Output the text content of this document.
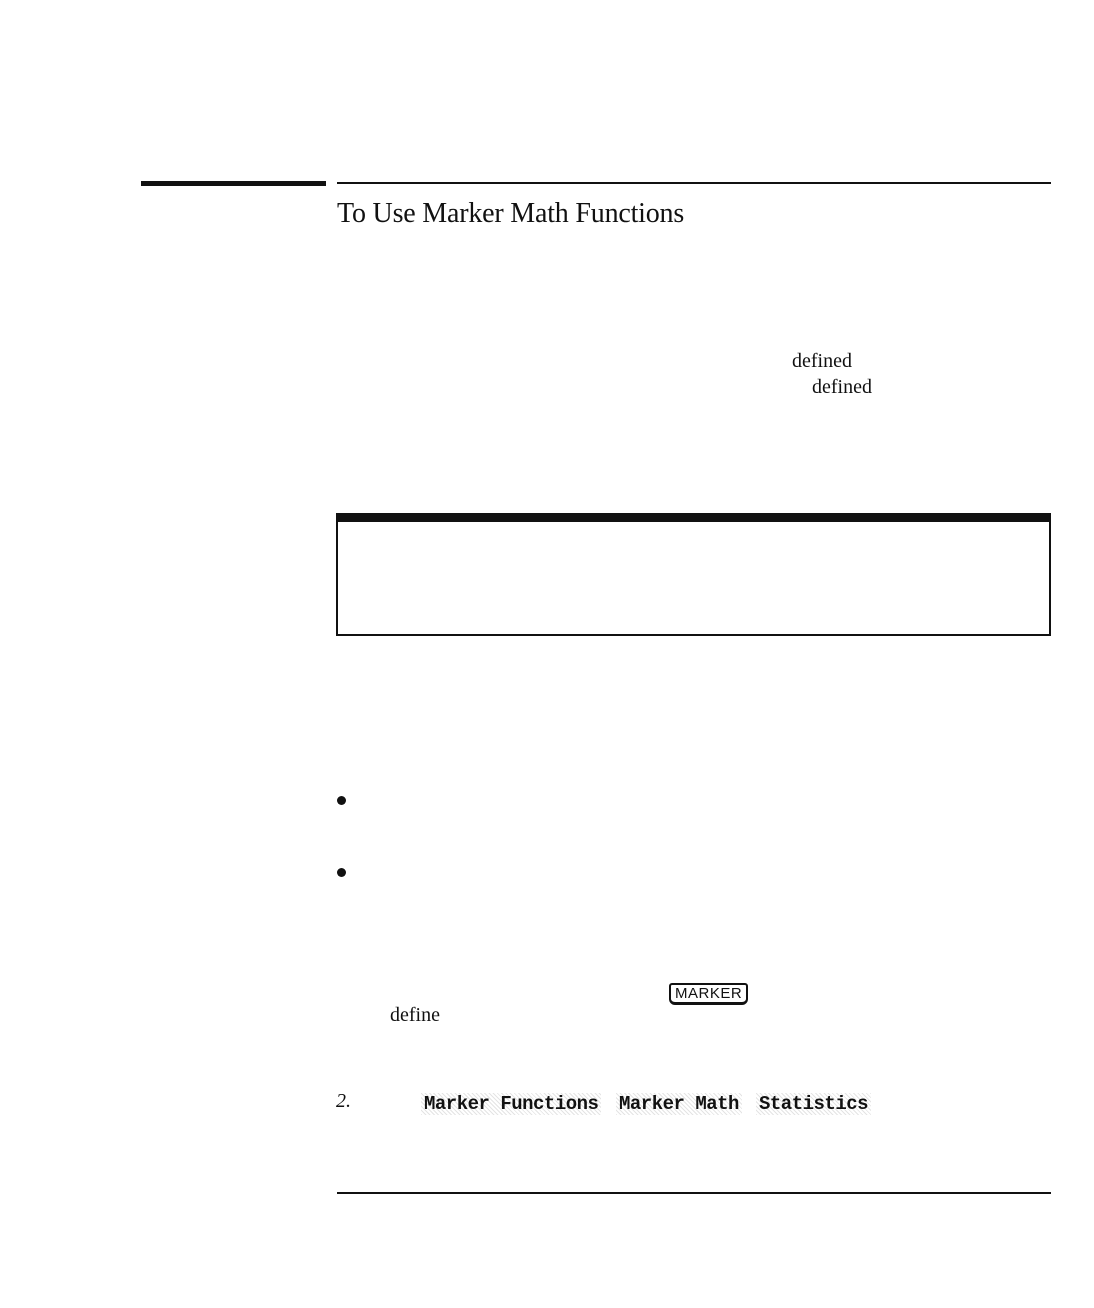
To Use Marker Math Functions
defined
defined
MARKER
define
2.	Marker Functions Marker Math Statistics
